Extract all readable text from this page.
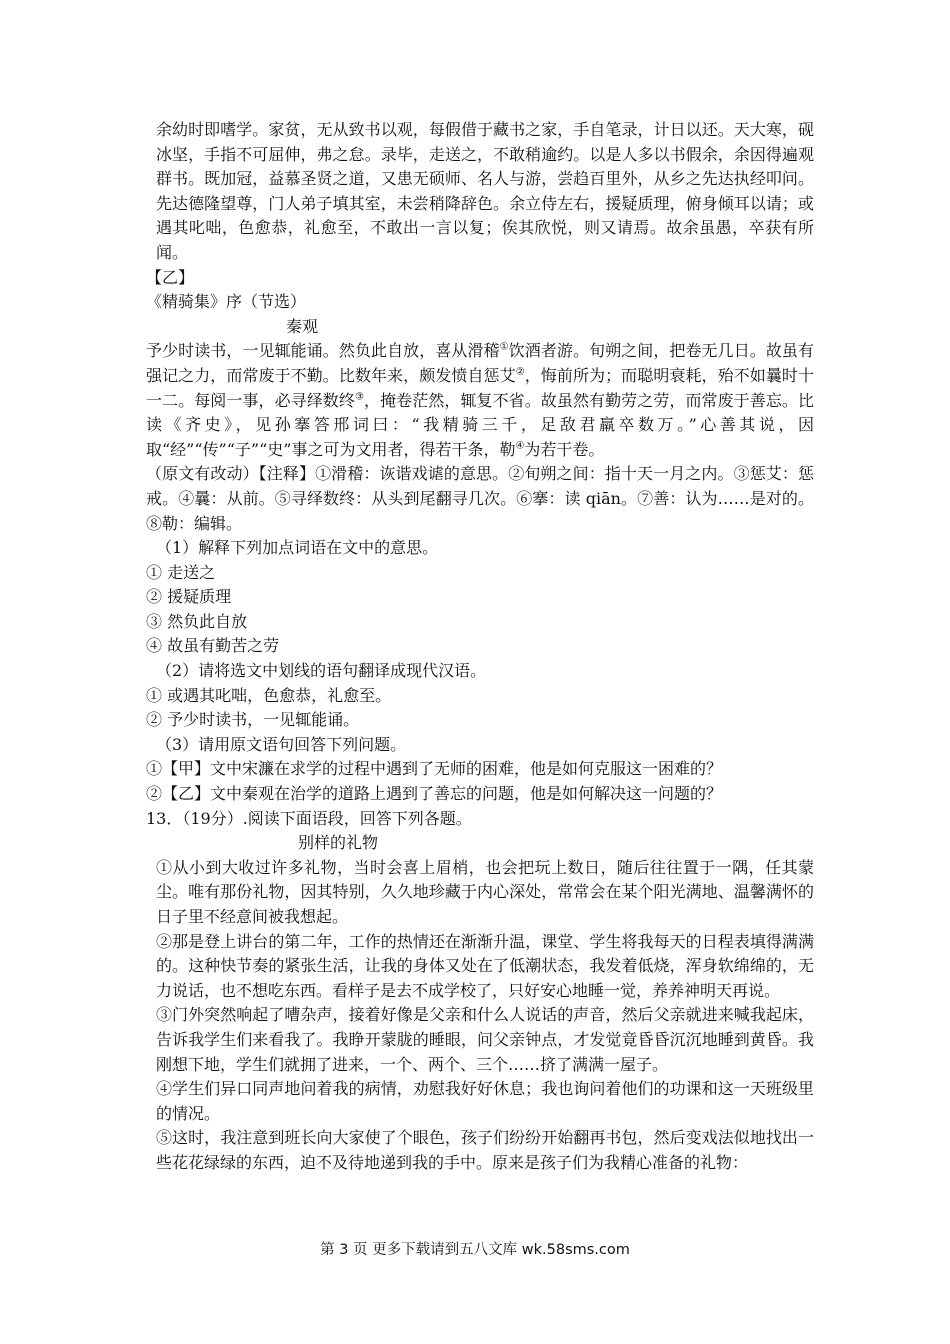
余幼时即嗜学。家贫，无从致书以观，每假借于藏书之家，手自笔录，计日以还。天大寒，砚冰坚，手指不可屈伸，弗之怠。录毕，走送之，不敢稍逾约。以是人多以书假余，余因得遍观群书。既加冠，益慕圣贤之道，又患无硕师、名人与游，尝趋百里外，从乡之先达执经叩问。先达德隆望尊，门人弟子填其室，未尝稍降辞色。余立侍左右，援疑质理，俯身倾耳以请；或遇其叱咄，色愈恭，礼愈至，不敢出一言以复；俟其欣悦，则又请焉。故余虽愚，卒获有所闻。

【乙】

《精骑集》序（节选）

秦观

予少时读书，一见辄能诵。然负此自放，喜从滑稽①饮酒者游。旬朔之间，把卷无几日。故虽有强记之力，而常废于不勤。比数年来，颇发愤自惩艾②，悔前所为；而聪明衰耗，殆不如曩时十一二。每阅一事，必寻绎数终③，掩卷茫然，辄复不省。故虽然有勤劳之劳，而常废于善忘。比读《齐史》，见孙搴答邢词曰：“我精骑三千，足敌君羸卒数万。”心善其说，因取“经”“传”“子”“史”事之可为文用者，得若干条，勒④为若干卷。

（原文有改动）【注释】①滑稽：诙谐戏谑的意思。②旬朔之间：指十天一月之内。③惩艾：惩戒。④曩：从前。⑤寻绎数终：从头到尾翻寻几次。⑥搴：读 qiān。⑦善：认为……是对的。⑧勒：编辑。

（1）解释下列加点词语在文中的意思。

① 走送之

② 援疑质理

③ 然负此自放

④ 故虽有勤苦之劳

（2）请将选文中划线的语句翻译成现代汉语。

① 或遇其叱咄，色愈恭，礼愈至。

② 予少时读书，一见辄能诵。

（3）请用原文语句回答下列问题。

①【甲】文中宋濂在求学的过程中遇到了无师的困难，他是如何克服这一困难的？

②【乙】文中秦观在治学的道路上遇到了善忘的问题，他是如何解决这一问题的？

13．（19分）.阅读下面语段，回答下列各题。

别样的礼物

①从小到大收过许多礼物，当时会喜上眉梢，也会把玩上数日，随后往往置于一隅，任其蒙尘。唯有那份礼物，因其特别，久久地珍藏于内心深处，常常会在某个阳光满地、温馨满怀的日子里不经意间被我想起。

②那是登上讲台的第二年，工作的热情还在渐渐升温，课堂、学生将我每天的日程表填得满满的。这种快节奏的紧张生活，让我的身体又处在了低潮状态，我发着低烧，浑身软绵绵的，无力说话，也不想吃东西。看样子是去不成学校了，只好安心地睡一觉，养养神明天再说。

③门外突然响起了嘈杂声，接着好像是父亲和什么人说话的声音，然后父亲就进来喊我起床，告诉我学生们来看我了。我睁开蒙胧的睡眼，问父亲钟点，才发觉竟昏昏沉沉地睡到黄昏。我刚想下地，学生们就拥了进来，一个、两个、三个……挤了满满一屋子。

④学生们异口同声地问着我的病情，劝慰我好好休息；我也询问着他们的功课和这一天班级里的情况。

⑤这时，我注意到班长向大家使了个眼色，孩子们纷纷开始翻再书包，然后变戏法似地找出一些花花绿绿的东西，迫不及待地递到我的手中。原来是孩子们为我精心准备的礼物：

第 3 页 更多下载请到五八文库 wk.58sms.com
